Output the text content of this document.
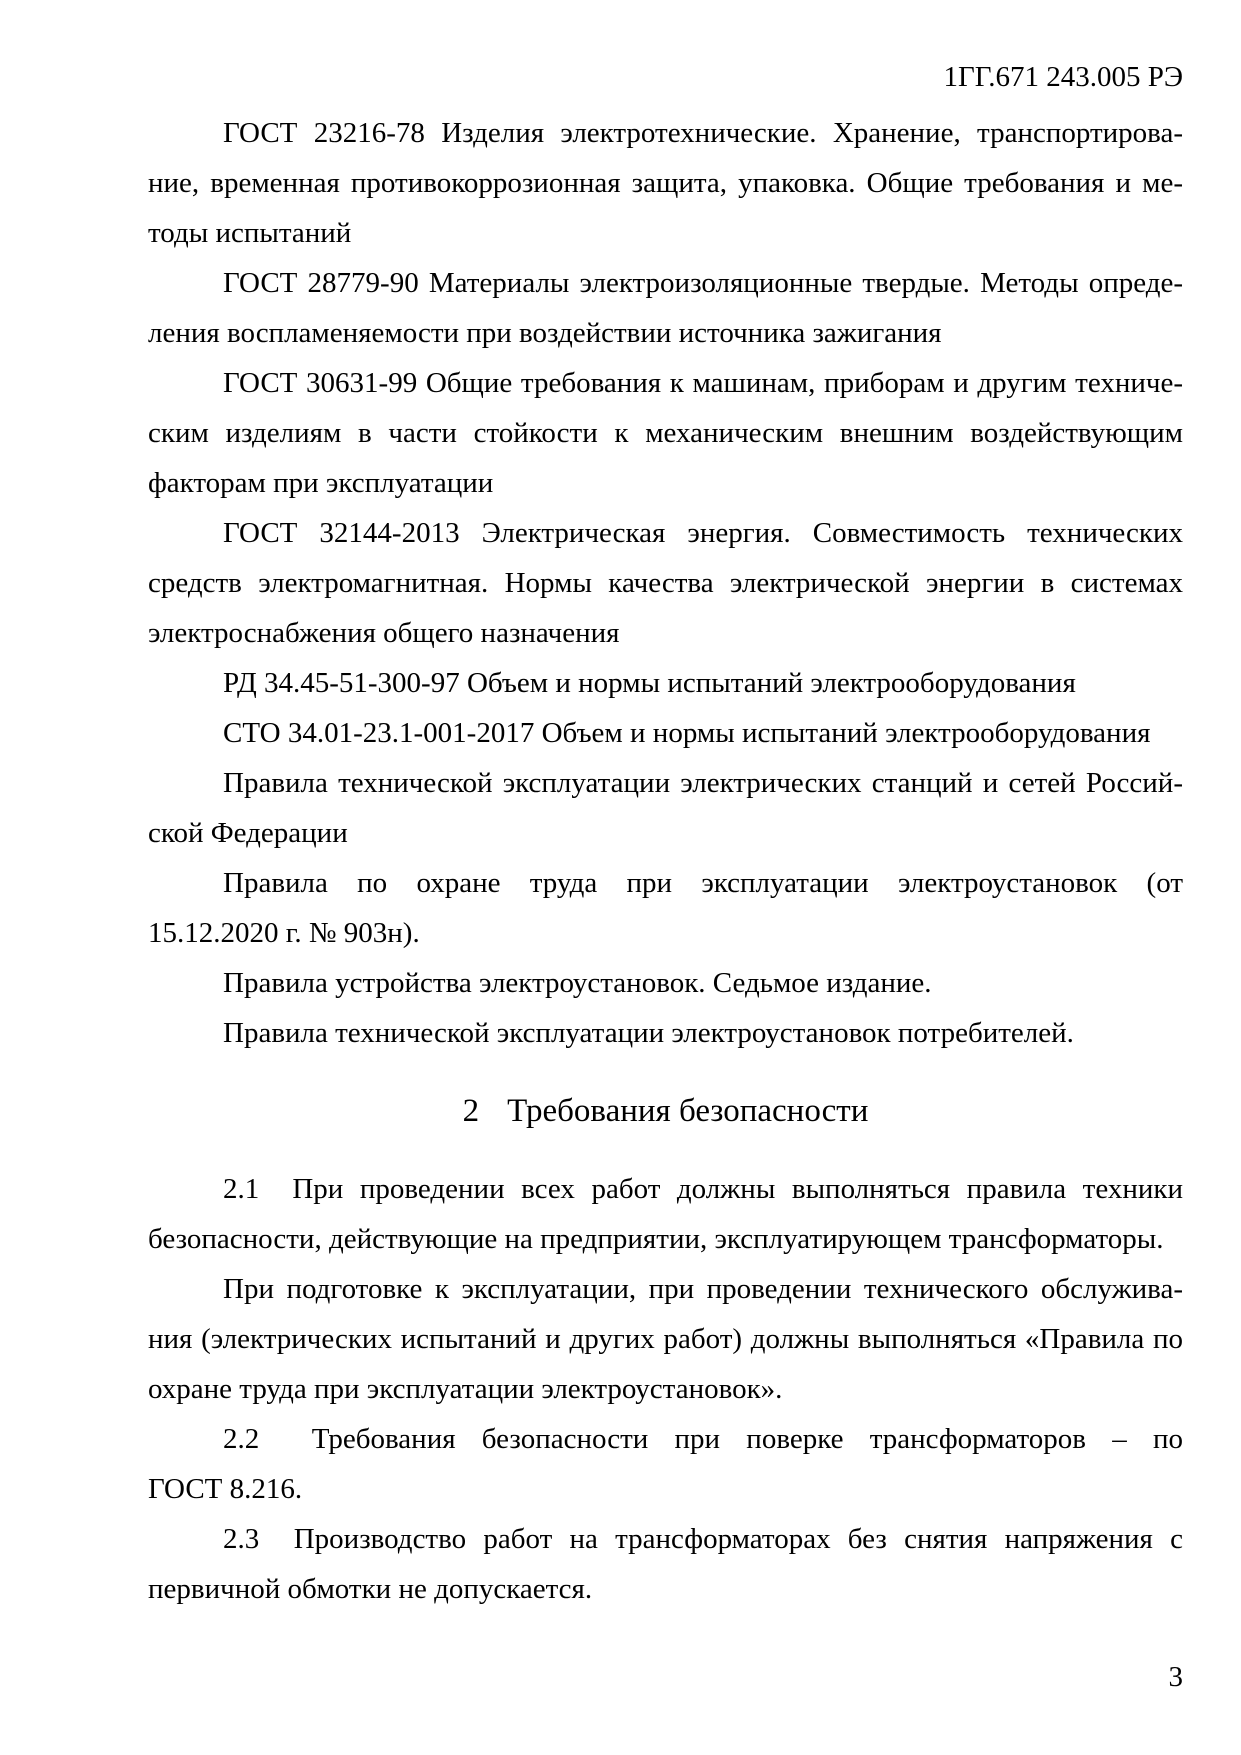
1ГГ.671 243.005 РЭ

ГОСТ 23216-78 Изделия электротехнические. Хранение, транспортирова-
ние, временная противокоррозионная защита, упаковка. Общие требования и ме-
тоды испытаний

ГОСТ 28779-90 Материалы электроизоляционные твердые. Методы опреде-
ления воспламеняемости при воздействии источника зажигания

ГОСТ 30631-99 Общие требования к машинам, приборам и другим техниче-
ским изделиям в части стойкости к механическим внешним воздействующим
факторам при эксплуатации

ГОСТ 32144-2013 Электрическая энергия. Совместимость технических
средств электромагнитная. Нормы качества электрической энергии в системах
электроснабжения общего назначения

РД 34.45-51-300-97 Объем и нормы испытаний электрооборудования

СТО 34.01-23.1-001-2017 Объем и нормы испытаний электрооборудования

Правила технической эксплуатации электрических станций и сетей Россий-
ской Федерации

Правила по охране труда при эксплуатации электроустановок (от
15.12.2020 г. № 903н).

Правила устройства электроустановок. Седьмое издание.

Правила технической эксплуатации электроустановок потребителей.

2 Требования безопасности

2.1  При проведении всех работ должны выполняться правила техники
безопасности, действующие на предприятии, эксплуатирующем трансформаторы.

При подготовке к эксплуатации, при проведении технического обслужива-
ния (электрических испытаний и других работ) должны выполняться «Правила по
охране труда при эксплуатации электроустановок».

2.2  Требования безопасности при поверке трансформаторов – по
ГОСТ 8.216.

2.3  Производство работ на трансформаторах без снятия напряжения с
первичной обмотки не допускается.

3
